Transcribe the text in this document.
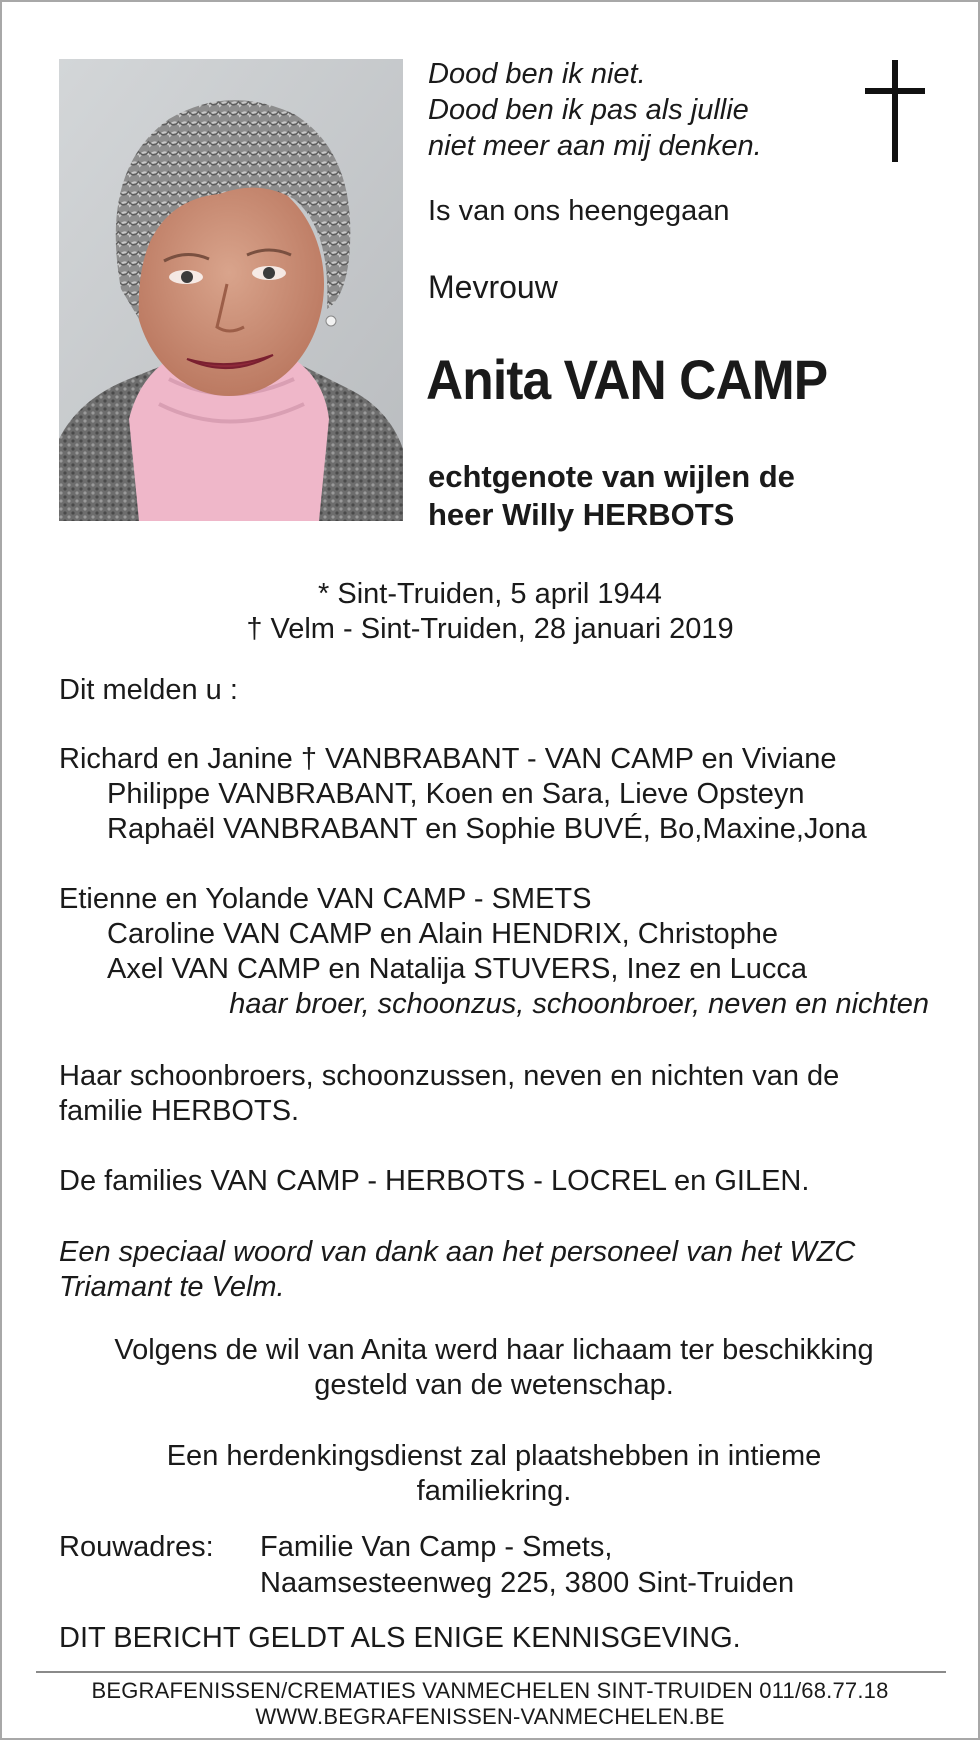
Dood ben ik niet.
Dood ben ik pas als jullie
niet meer aan mij denken.
Is van ons heengegaan
Mevrouw
Anita VAN CAMP
echtgenote van wijlen de
heer Willy HERBOTS
* Sint-Truiden, 5 april 1944
† Velm - Sint-Truiden, 28 januari 2019
Dit melden u :
Richard en Janine † VANBRABANT - VAN CAMP en Viviane
Philippe VANBRABANT, Koen en Sara, Lieve Opsteyn
Raphaël VANBRABANT en Sophie BUVÉ, Bo,Maxine,Jona
Etienne en Yolande VAN CAMP - SMETS
Caroline VAN CAMP en Alain HENDRIX, Christophe
Axel VAN CAMP en Natalija STUVERS, Inez en Lucca
haar broer, schoonzus, schoonbroer, neven en nichten
Haar schoonbroers, schoonzussen, neven en nichten van de
familie HERBOTS.
De families VAN CAMP - HERBOTS - LOCREL en GILEN.
Een speciaal woord van dank aan het personeel van het WZC
Triamant te Velm.
Volgens de wil van Anita werd haar lichaam ter beschikking
gesteld van de wetenschap.
Een herdenkingsdienst zal plaatshebben in intieme
familiekring.
Rouwadres: Familie Van Camp - Smets,
Naamsesteenweg 225, 3800 Sint-Truiden
DIT BERICHT GELDT ALS ENIGE KENNISGEVING.
BEGRAFENISSEN/CREMATIES VANMECHELEN SINT-TRUIDEN 011/68.77.18
WWW.BEGRAFENISSEN-VANMECHELEN.BE
